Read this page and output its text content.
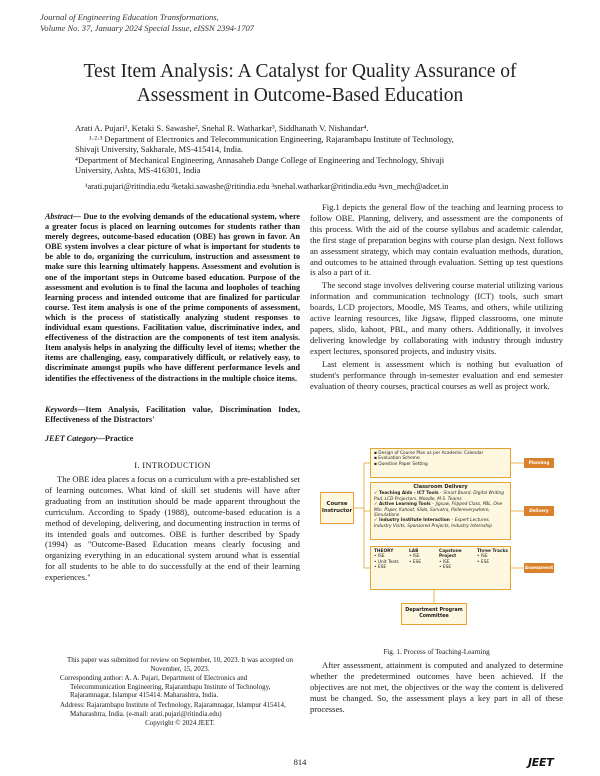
Journal of Engineering Education Transformations,
Volume No. 37, January 2024 Special Issue, eISSN 2394-1707
Test Item Analysis: A Catalyst for Quality Assurance of Assessment in Outcome-Based Education

Arati A. Pujari¹, Ketaki S. Sawashe², Snehal R. Watharkar³, Siddhanath V. Nishandar⁴.

¹·²·³ Department of Electronics and Telecommunication Engineering, Rajarambapu Institute of Technology,

Shivaji University, Sakharale, MS-415414, India.

⁴Department of Mechanical Engineering, Annasaheb Dange College of Engineering and Technology, Shivaji

University, Ashta, MS-416301, India

¹arati.pujari@ritindia.edu ²ketaki.sawashe@ritindia.edu ³snehal.watharkar@ritindia.edu ⁴svn_mech@adcet.in
Abstract— Due to the evolving demands of the educational system, where a greater focus is placed on learning outcomes for students rather than merely degrees, outcome-based education (OBE) has grown in favor. An OBE system involves a clear picture of what is important for students to be able to do, organizing the curriculum, instruction and assessment to make sure this learning ultimately happens. Assessment and evolution is one of the important steps in Outcome based education. Purpose of the assessment and evolution is to final the lacuna and loopholes of teaching learning process and intended outcome that are finalized for particular course. Test item analysis is one of the prime components of assessment, which is the process of statistically analyzing student responses to individual exam questions. Facilitation value, discriminative index, and effectiveness of the distraction are the components of test item analysis. Item analysis helps in analyzing the difficulty level of items; whether the items are challenging, easy, comparatively difficult, or relatively easy, to discriminate amongst pupils who have different performance levels and identifies the effectiveness of the distractions in the multiple choice items.
Keywords—Item Analysis, Facilitation value, Discrimination Index, Effectiveness of the Distractors'
JEET Category—Practice
I. INTRODUCTION
The OBE idea places a focus on a curriculum with a pre-established set of learning outcomes. What kind of skill set students will have after graduating from an institution should be made apparent throughout the curriculum. According to Spady (1988), outcome-based education is a method of developing, delivering, and documenting instruction in terms of its intended goals and outcomes. OBE is further described by Spady (1994) as "Outcome-Based Education means clearly focusing and organizing everything in an educational system around what is essential for all students to be able to do successfully at the end of their learning experiences."

This paper was submitted for review on September, 10, 2023. It was accepted on November, 15, 2023.

Corresponding author: A. A. Pujari, Department of Electronics and Telecommunication Engineering, Rajarambapu Institute of Technology, Rajaramnagar, Islampur 415414. Maharashtra, India.

Address: Rajarambapu Institute of Technology, Rajaramnagar, Islampur 415414, Maharashtra, India. (e-mail: arati.pujari@ritindia.edu)

Copyright © 2024 JEET.

Fig.1 depicts the general flow of the teaching and learning process to follow OBE. Planning, delivery, and assessment are the components of this process. With the aid of the course syllabus and academic calendar, the first stage of preparation begins with course plan design. Next follows an assessment strategy, which may contain evaluation methods, duration, and outcomes to be attained through evaluation. Setting up test questions is also a part of it.

The second stage involves delivering course material utilizing various information and communication technology (ICT) tools, such smart boards, LCD projectors, Moodle, MS Teams, and others, while utilizing active learning resources, like Jigsaw, flipped classrooms, one minute papers, slido, kahoot, PBL, and many others. Additionally, it involves delivering knowledge by collaborating with industry through industry expert lectures, sponsored projects, and industry visits.

Last element is assessment which is nothing but evaluation of student's performance through in-semester evaluation and end semester evaluation of theory courses, practical courses as well as project work.

Course Instructor
▪ Design of Course Plan as per Academic Calendar
▪ Evaluation Scheme
▪ Question Paper Setting	Planning
Classroom Delivery
✓ Teaching Aids - ICT Tools – Smart Board, Digital Writing Pad, LCD Projectors, Moodle, M.S. Teams
✓ Active Learning Tools – Jigsaw, Flipped Class, PBL, One Min. Paper, Kahoot, Slido, Sarvatra, Pollereverywhere, Simulations
✓ Industry Institute Interaction – Expert Lectures, Industry Visits, Sponsored Projects, Industry Internship
Delivery
THEORY
• ISE
• Unit Tests
• ESE
LAB
• ISE
• ESE
Capstone Project
• ISE
• ESE
Three Tracks
• ISE
• ESE
Assessment
Department Program Committee
Fig. 1. Process of Teaching-Learning

After assessment, attainment is computed and analyzed to determine whether the predetermined outcomes have been achieved. If the objectives are not met, the objectives or the way the content is delivered must be changed. So, the assessment plays a key part in all of these processes.

814	JEET
